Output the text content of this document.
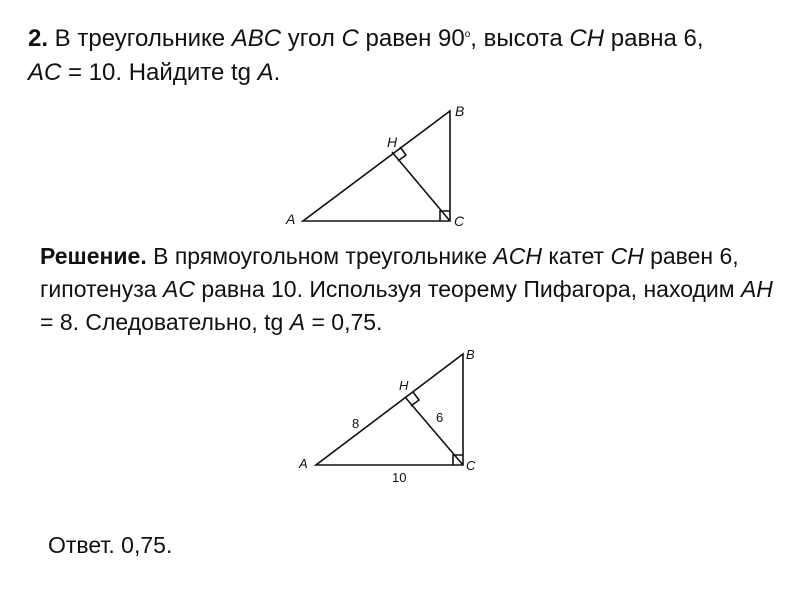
2. В треугольнике ABC угол C равен $90^о$, высота CH равна 6,
AC = 10. Найдите tg A.
A
B
C
H
A
B
C
H
8	6
10
Решение. В прямоугольном треугольнике ACH катет CH равен 6, гипотенуза AC равна 10. Используя теорему Пифагора, находим AH = 8. Следовательно, tg A = 0,75.
Ответ. 0,75.
